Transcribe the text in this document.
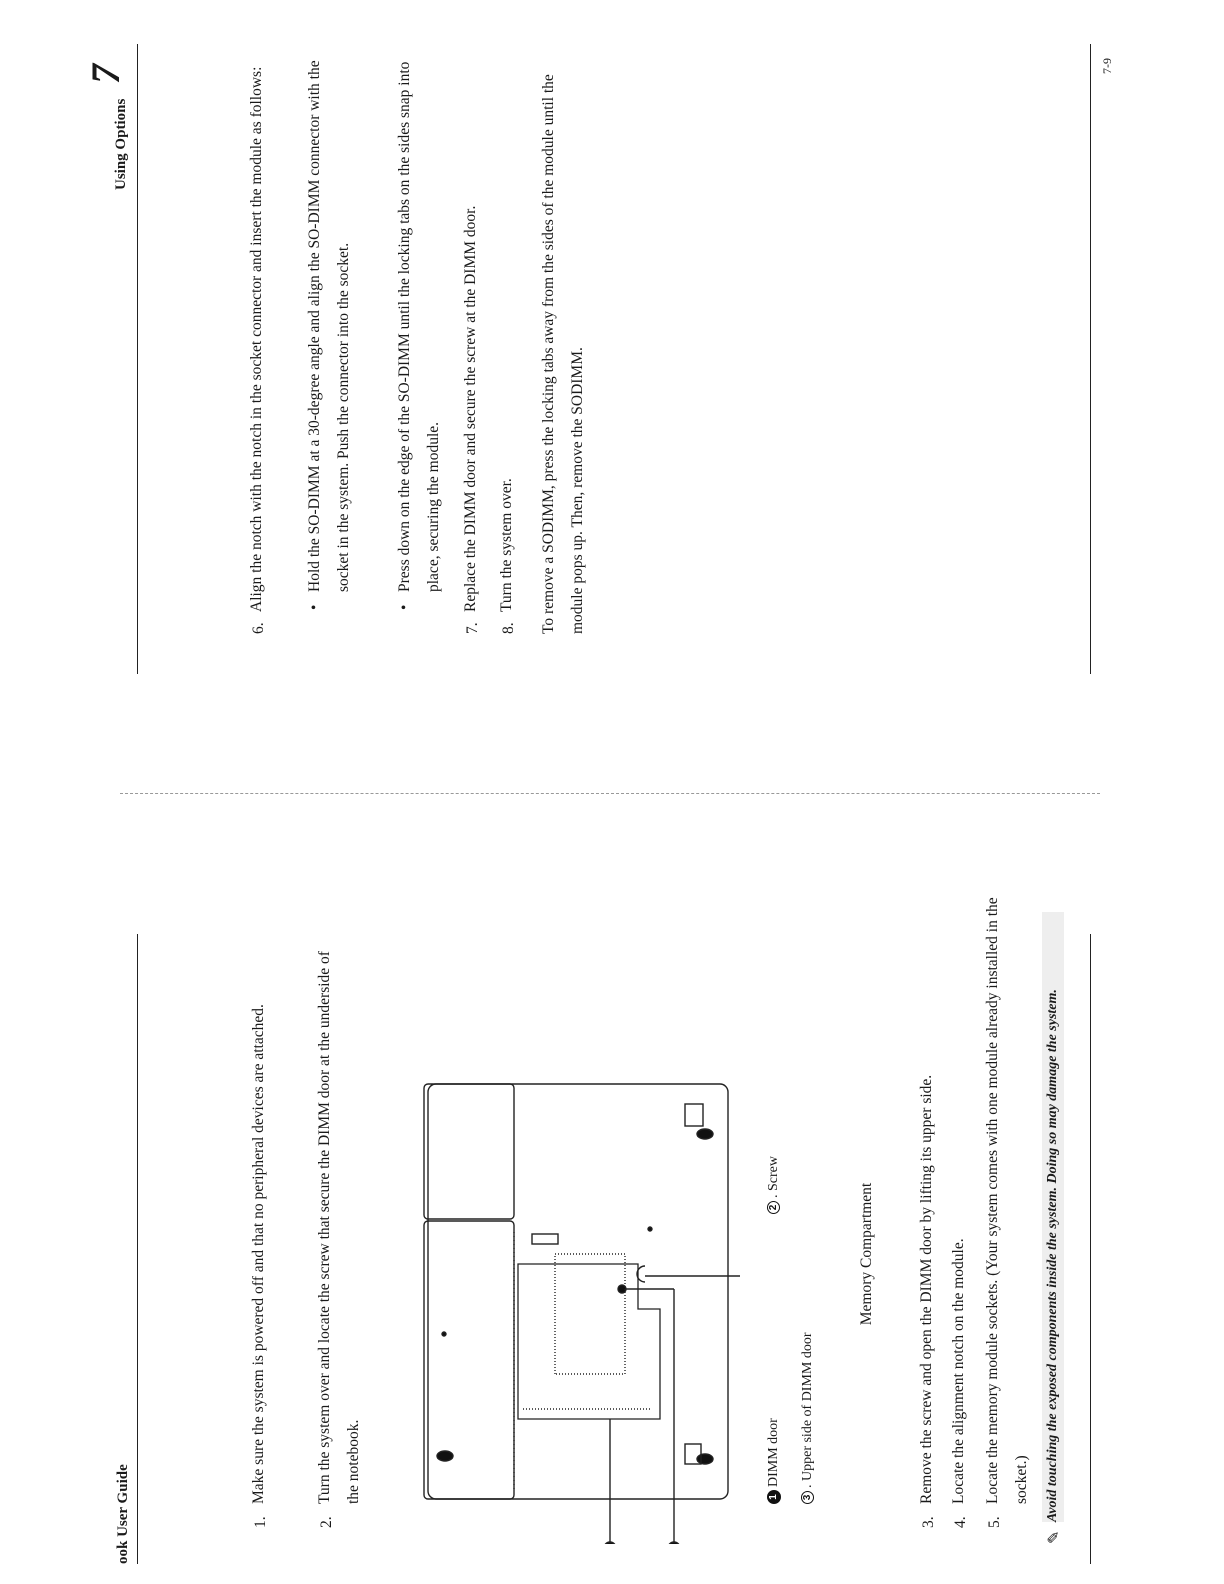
ook User Guide	1.
Make sure the system is powered off and that no peripheral devices are attached.
2.
Turn the system over and locate the screw that secure the DIMM door at the underside of the notebook.	1DIMM door
2. Screw
3. Upper side of DIMM door
Memory Compartment
3.
Remove the screw and open the DIMM door by lifting its upper side.
4.
Locate the alignment notch on the module.
5.
Locate the memory module sockets. (Your system comes with one module already installed in the socket.)
✎
Avoid touching the exposed components inside the system. Doing so may damage the system.
Using Options
7
6.
Align the notch with the notch in the socket connector and insert the module as follows:	•
Hold the SO-DIMM at a 30-degree angle and align the SO-DIMM connector with the socket in the system. Push the connector into the socket.
•
Press down on the edge of the SO-DIMM until the locking tabs on the sides snap into place, securing the module.
7.
Replace the DIMM door and secure the screw at the DIMM door.
8.
Turn the system over.	To remove a SODIMM, press the locking tabs away from the sides of the module until the module pops up. Then, remove the SODIMM.
7-9
